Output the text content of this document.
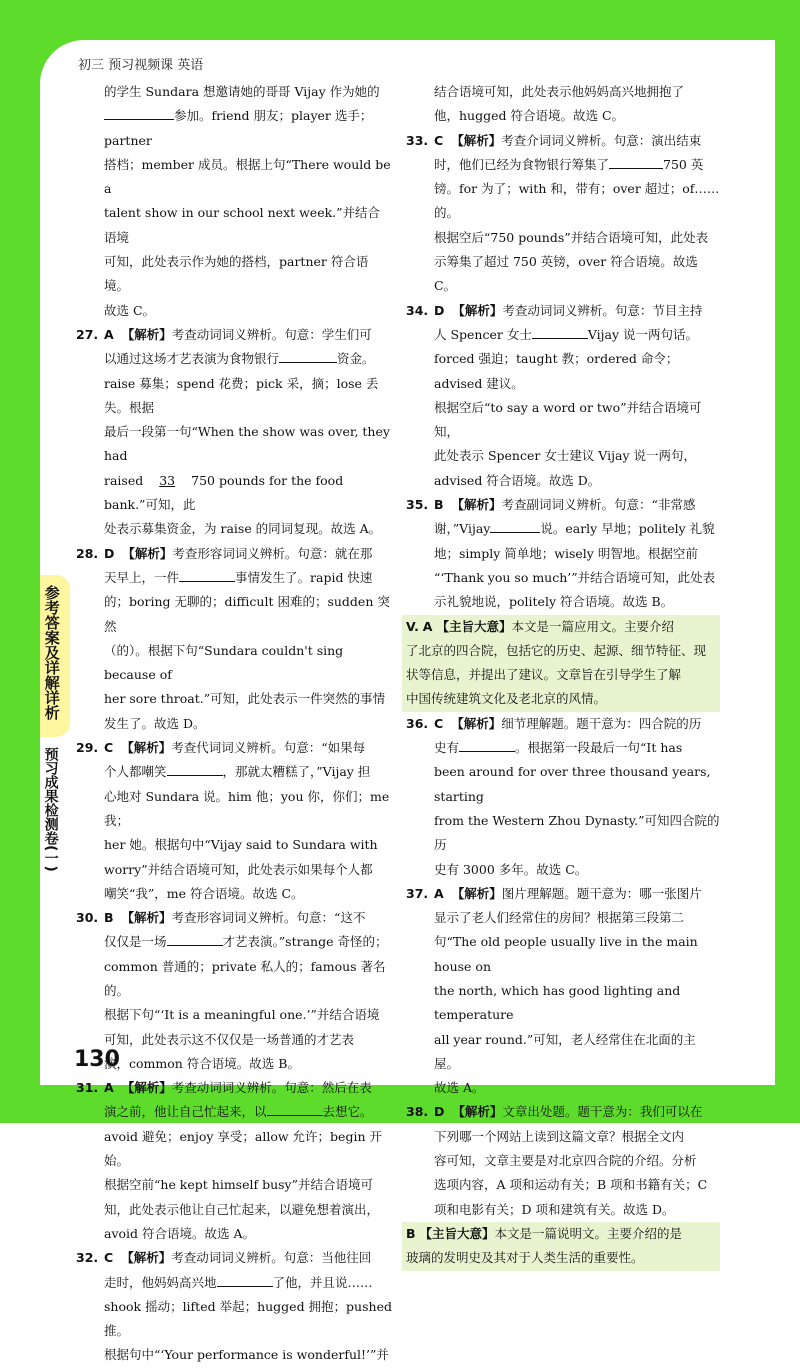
初三 预习视频课 英语

的学生 Sundara 想邀请她的哥哥 Vijay 作为她的

参加。friend 朋友；player 选手；partner

搭档；member 成员。根据上句“There would be a

talent show in our school next week.”并结合语境

可知，此处表示作为她的搭档，partner 符合语境。

故选 C。

27. A 【解析】考查动词词义辨析。句意：学生们可

以通过这场才艺表演为食物银行	资金。

raise 募集；spend 花费；pick 采，摘；lose 丢失。根据

最后一段第一句“When the show was over, they had

raised 33 750 pounds for the food bank.”可知，此

处表示募集资金，为 raise 的同词复现。故选 A。

28. D 【解析】考查形容词词义辨析。句意：就在那

天早上，一件	事情发生了。rapid 快速

的；boring 无聊的；difficult 困难的；sudden 突然

（的）。根据下句“Sundara couldn't sing because of

her sore throat.”可知，此处表示一件突然的事情

发生了。故选 D。

29. C 【解析】考查代词词义辨析。句意：“如果每

个人都嘲笑	，那就太糟糕了，”Vijay 担

心地对 Sundara 说。him 他；you 你，你们；me 我；

her 她。根据句中“Vijay said to Sundara with

worry”并结合语境可知，此处表示如果每个人都

嘲笑“我”，me 符合语境。故选 C。

30. B 【解析】考查形容词词义辨析。句意：“这不

仅仅是一场	才艺表演。”strange 奇怪的；

common 普通的；private 私人的；famous 著名的。

根据下句“‘It is a meaningful one.’”并结合语境

可知，此处表示这不仅仅是一场普通的才艺表

演，common 符合语境。故选 B。

31. A 【解析】考查动词词义辨析。句意：然后在表

演之前，他让自己忙起来，以	去想它。

avoid 避免；enjoy 享受；allow 允许；begin 开始。

根据空前“he kept himself busy”并结合语境可

知，此处表示他让自己忙起来，以避免想着演出，

avoid 符合语境。故选 A。

32. C 【解析】考查动词词义辨析。句意：当他往回

走时，他妈妈高兴地	了他，并且说……

shook 摇动；lifted 举起；hugged 拥抱；pushed 推。

根据句中“‘Your performance is wonderful!’”并

结合语境可知，此处表示他妈妈高兴地拥抱了

他，hugged 符合语境。故选 C。

33. C 【解析】考查介词词义辨析。句意：演出结束

时，他们已经为食物银行筹集了	750 英

镑。for 为了；with 和，带有；over 超过；of……的。

根据空后“750 pounds”并结合语境可知，此处表

示筹集了超过 750 英镑，over 符合语境。故选 C。

34. D 【解析】考查动词词义辨析。句意：节目主持

人 Spencer 女士	Vijay 说一两句话。

forced 强迫；taught 教；ordered 命令；advised 建议。

根据空后“to say a word or two”并结合语境可知，

此处表示 Spencer 女士建议 Vijay 说一两句，

advised 符合语境。故选 D。

35. B 【解析】考查副词词义辨析。句意：“非常感

谢，”Vijay	说。early 早地；politely 礼貌

地；simply 简单地；wisely 明智地。根据空前

“‘Thank you so much’”并结合语境可知，此处表

示礼貌地说，politely 符合语境。故选 B。

V. A 【主旨大意】本文是一篇应用文。主要介绍

了北京的四合院，包括它的历史、起源、细节特征、现

状等信息，并提出了建议。文章旨在引导学生了解

中国传统建筑文化及老北京的风情。

36. C 【解析】细节理解题。题干意为：四合院的历

史有	。根据第一段最后一句“It has

been around for over three thousand years, starting

from the Western Zhou Dynasty.”可知四合院的历

史有 3000 多年。故选 C。

37. A 【解析】图片理解题。题干意为：哪一张图片

显示了老人们经常住的房间？根据第三段第二

句“The old people usually live in the main house on

the north, which has good lighting and temperature

all year round.”可知，老人经常住在北面的主屋。

故选 A。

38. D 【解析】文章出处题。题干意为：我们可以在

下列哪一个网站上读到这篇文章？根据全文内

容可知，文章主要是对北京四合院的介绍。分析

选项内容，A 项和运动有关；B 项和书籍有关；C

项和电影有关；D 项和建筑有关。故选 D。

B 【主旨大意】本文是一篇说明文。主要介绍的是

玻璃的发明史及其对于人类生活的重要性。

参考答案及详解详析
预习成果检测卷(一)
130
